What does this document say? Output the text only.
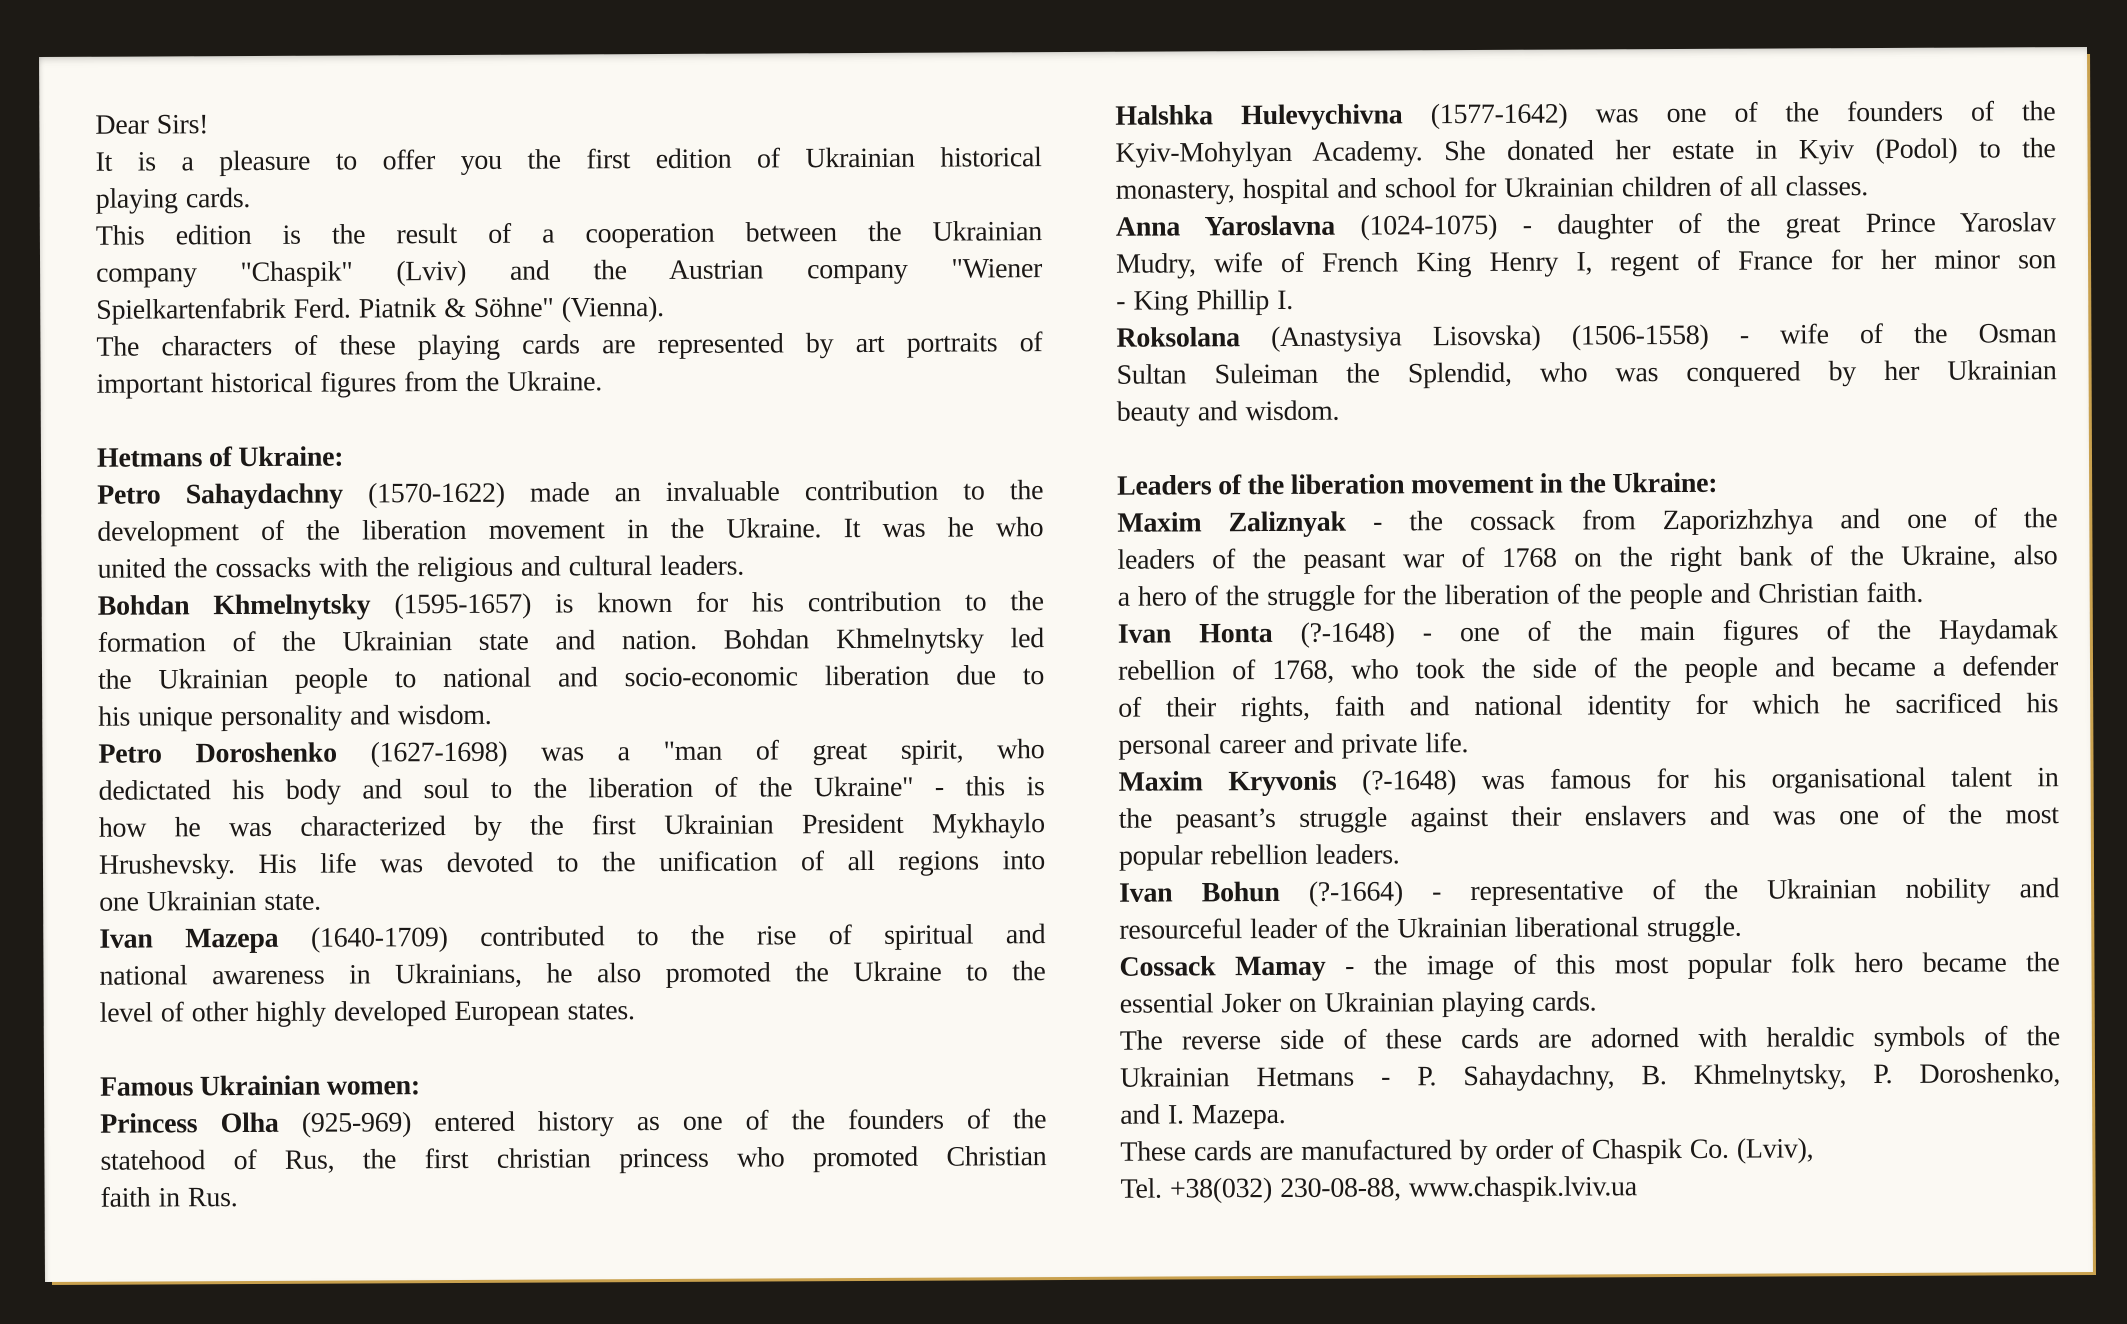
Dear Sirs!
It is a pleasure to offer you the first edition of Ukrainian historical
playing cards.
This edition is the result of a cooperation between the Ukrainian
company "Chaspik" (Lviv) and the Austrian company "Wiener
Spielkartenfabrik Ferd. Piatnik & Söhne" (Vienna).
The characters of these playing cards are represented by art portraits of
important historical figures from the Ukraine.
Hetmans of Ukraine:
Petro Sahaydachny (1570-1622) made an invaluable contribution to the
development of the liberation movement in the Ukraine. It was he who
united the cossacks with the religious and cultural leaders.
Bohdan Khmelnytsky (1595-1657) is known for his contribution to the
formation of the Ukrainian state and nation. Bohdan Khmelnytsky led
the Ukrainian people to national and socio-economic liberation due to
his unique personality and wisdom.
Petro Doroshenko (1627-1698) was a "man of great spirit, who
dedictated his body and soul to the liberation of the Ukraine" - this is
how he was characterized by the first Ukrainian President Mykhaylo
Hrushevsky. His life was devoted to the unification of all regions into
one Ukrainian state.
Ivan Mazepa (1640-1709) contributed to the rise of spiritual and
national awareness in Ukrainians, he also promoted the Ukraine to the
level of other highly developed European states.
Famous Ukrainian women:
Princess Olha (925-969) entered history as one of the founders of the
statehood of Rus, the first christian princess who promoted Christian
faith in Rus.
Halshka Hulevychivna (1577-1642) was one of the founders of the
Kyiv-Mohylyan Academy. She donated her estate in Kyiv (Podol) to the
monastery, hospital and school for Ukrainian children of all classes.
Anna Yaroslavna (1024-1075) - daughter of the great Prince Yaroslav
Mudry, wife of French King Henry I, regent of France for her minor son
- King Phillip I.
Roksolana (Anastysiya Lisovska) (1506-1558) - wife of the Osman
Sultan Suleiman the Splendid, who was conquered by her Ukrainian
beauty and wisdom.
Leaders of the liberation movement in the Ukraine:
Maxim Zaliznyak - the cossack from Zaporizhzhya and one of the
leaders of the peasant war of 1768 on the right bank of the Ukraine, also
a hero of the struggle for the liberation of the people and Christian faith.
Ivan Honta (?-1648) - one of the main figures of the Haydamak
rebellion of 1768, who took the side of the people and became a defender
of their rights, faith and national identity for which he sacrificed his
personal career and private life.
Maxim Kryvonis (?-1648) was famous for his organisational talent in
the peasant’s struggle against their enslavers and was one of the most
popular rebellion leaders.
Ivan Bohun (?-1664) - representative of the Ukrainian nobility and
resourceful leader of the Ukrainian liberational struggle.
Cossack Mamay - the image of this most popular folk hero became the
essential Joker on Ukrainian playing cards.
The reverse side of these cards are adorned with heraldic symbols of the
Ukrainian Hetmans - P. Sahaydachny, B. Khmelnytsky, P. Doroshenko,
and I. Mazepa.
These cards are manufactured by order of Chaspik Co. (Lviv),
Tel. +38(032) 230-08-88, www.chaspik.lviv.ua
